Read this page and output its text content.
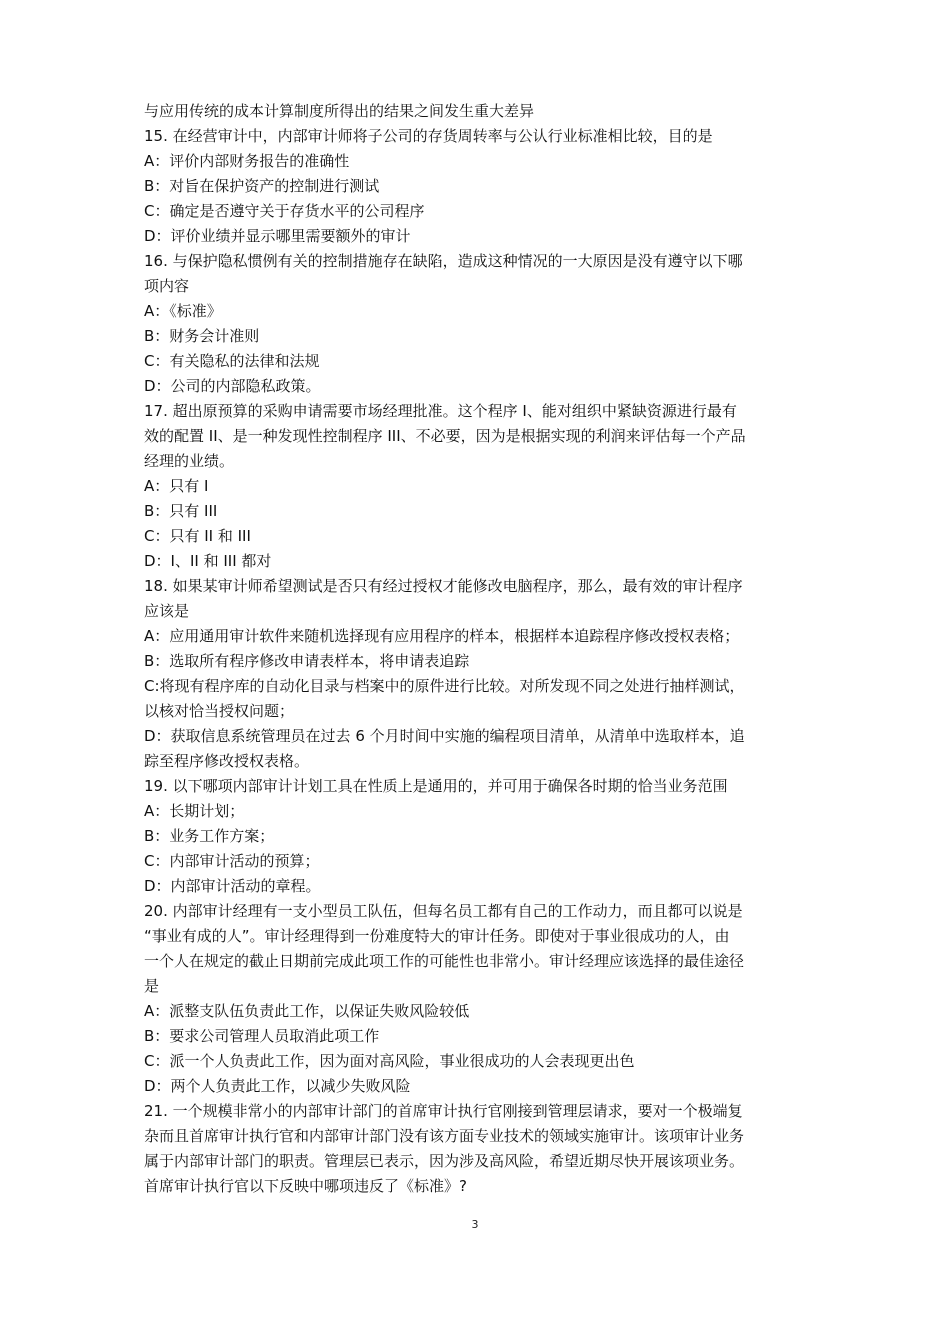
与应用传统的成本计算制度所得出的结果之间发生重大差异
15. 在经营审计中，内部审计师将子公司的存货周转率与公认行业标准相比较，目的是
A：评价内部财务报告的准确性
B：对旨在保护资产的控制进行测试
C：确定是否遵守关于存货水平的公司程序
D：评价业绩并显示哪里需要额外的审计
16. 与保护隐私惯例有关的控制措施存在缺陷，造成这种情况的一大原因是没有遵守以下哪
项内容
A：《标准》
B：财务会计准则
C：有关隐私的法律和法规
D：公司的内部隐私政策。
17. 超出原预算的采购申请需要市场经理批准。这个程序 I、能对组织中紧缺资源进行最有
效的配置 II、是一种发现性控制程序 III、不必要，因为是根据实现的利润来评估每一个产品
经理的业绩。
A：只有 I
B：只有 III
C：只有 II 和 III
D：I、II 和 III 都对
18. 如果某审计师希望测试是否只有经过授权才能修改电脑程序，那么，最有效的审计程序
应该是
A：应用通用审计软件来随机选择现有应用程序的样本，根据样本追踪程序修改授权表格；
B：选取所有程序修改申请表样本，将申请表追踪
C:将现有程序库的自动化目录与档案中的原件进行比较。对所发现不同之处进行抽样测试，
以核对恰当授权问题；
D：获取信息系统管理员在过去 6 个月时间中实施的编程项目清单，从清单中选取样本，追
踪至程序修改授权表格。
19. 以下哪项内部审计计划工具在性质上是通用的，并可用于确保各时期的恰当业务范围
A：长期计划；
B：业务工作方案；
C：内部审计活动的预算；
D：内部审计活动的章程。
20. 内部审计经理有一支小型员工队伍，但每名员工都有自己的工作动力，而且都可以说是
“事业有成的人”。审计经理得到一份难度特大的审计任务。即使对于事业很成功的人，由
一个人在规定的截止日期前完成此项工作的可能性也非常小。审计经理应该选择的最佳途径
是
A：派整支队伍负责此工作，以保证失败风险较低
B：要求公司管理人员取消此项工作
C：派一个人负责此工作，因为面对高风险，事业很成功的人会表现更出色
D：两个人负责此工作，以减少失败风险
21. 一个规模非常小的内部审计部门的首席审计执行官刚接到管理层请求，要对一个极端复
杂而且首席审计执行官和内部审计部门没有该方面专业技术的领域实施审计。该项审计业务
属于内部审计部门的职责。管理层已表示，因为涉及高风险，希望近期尽快开展该项业务。
首席审计执行官以下反映中哪项违反了《标准》?
3
